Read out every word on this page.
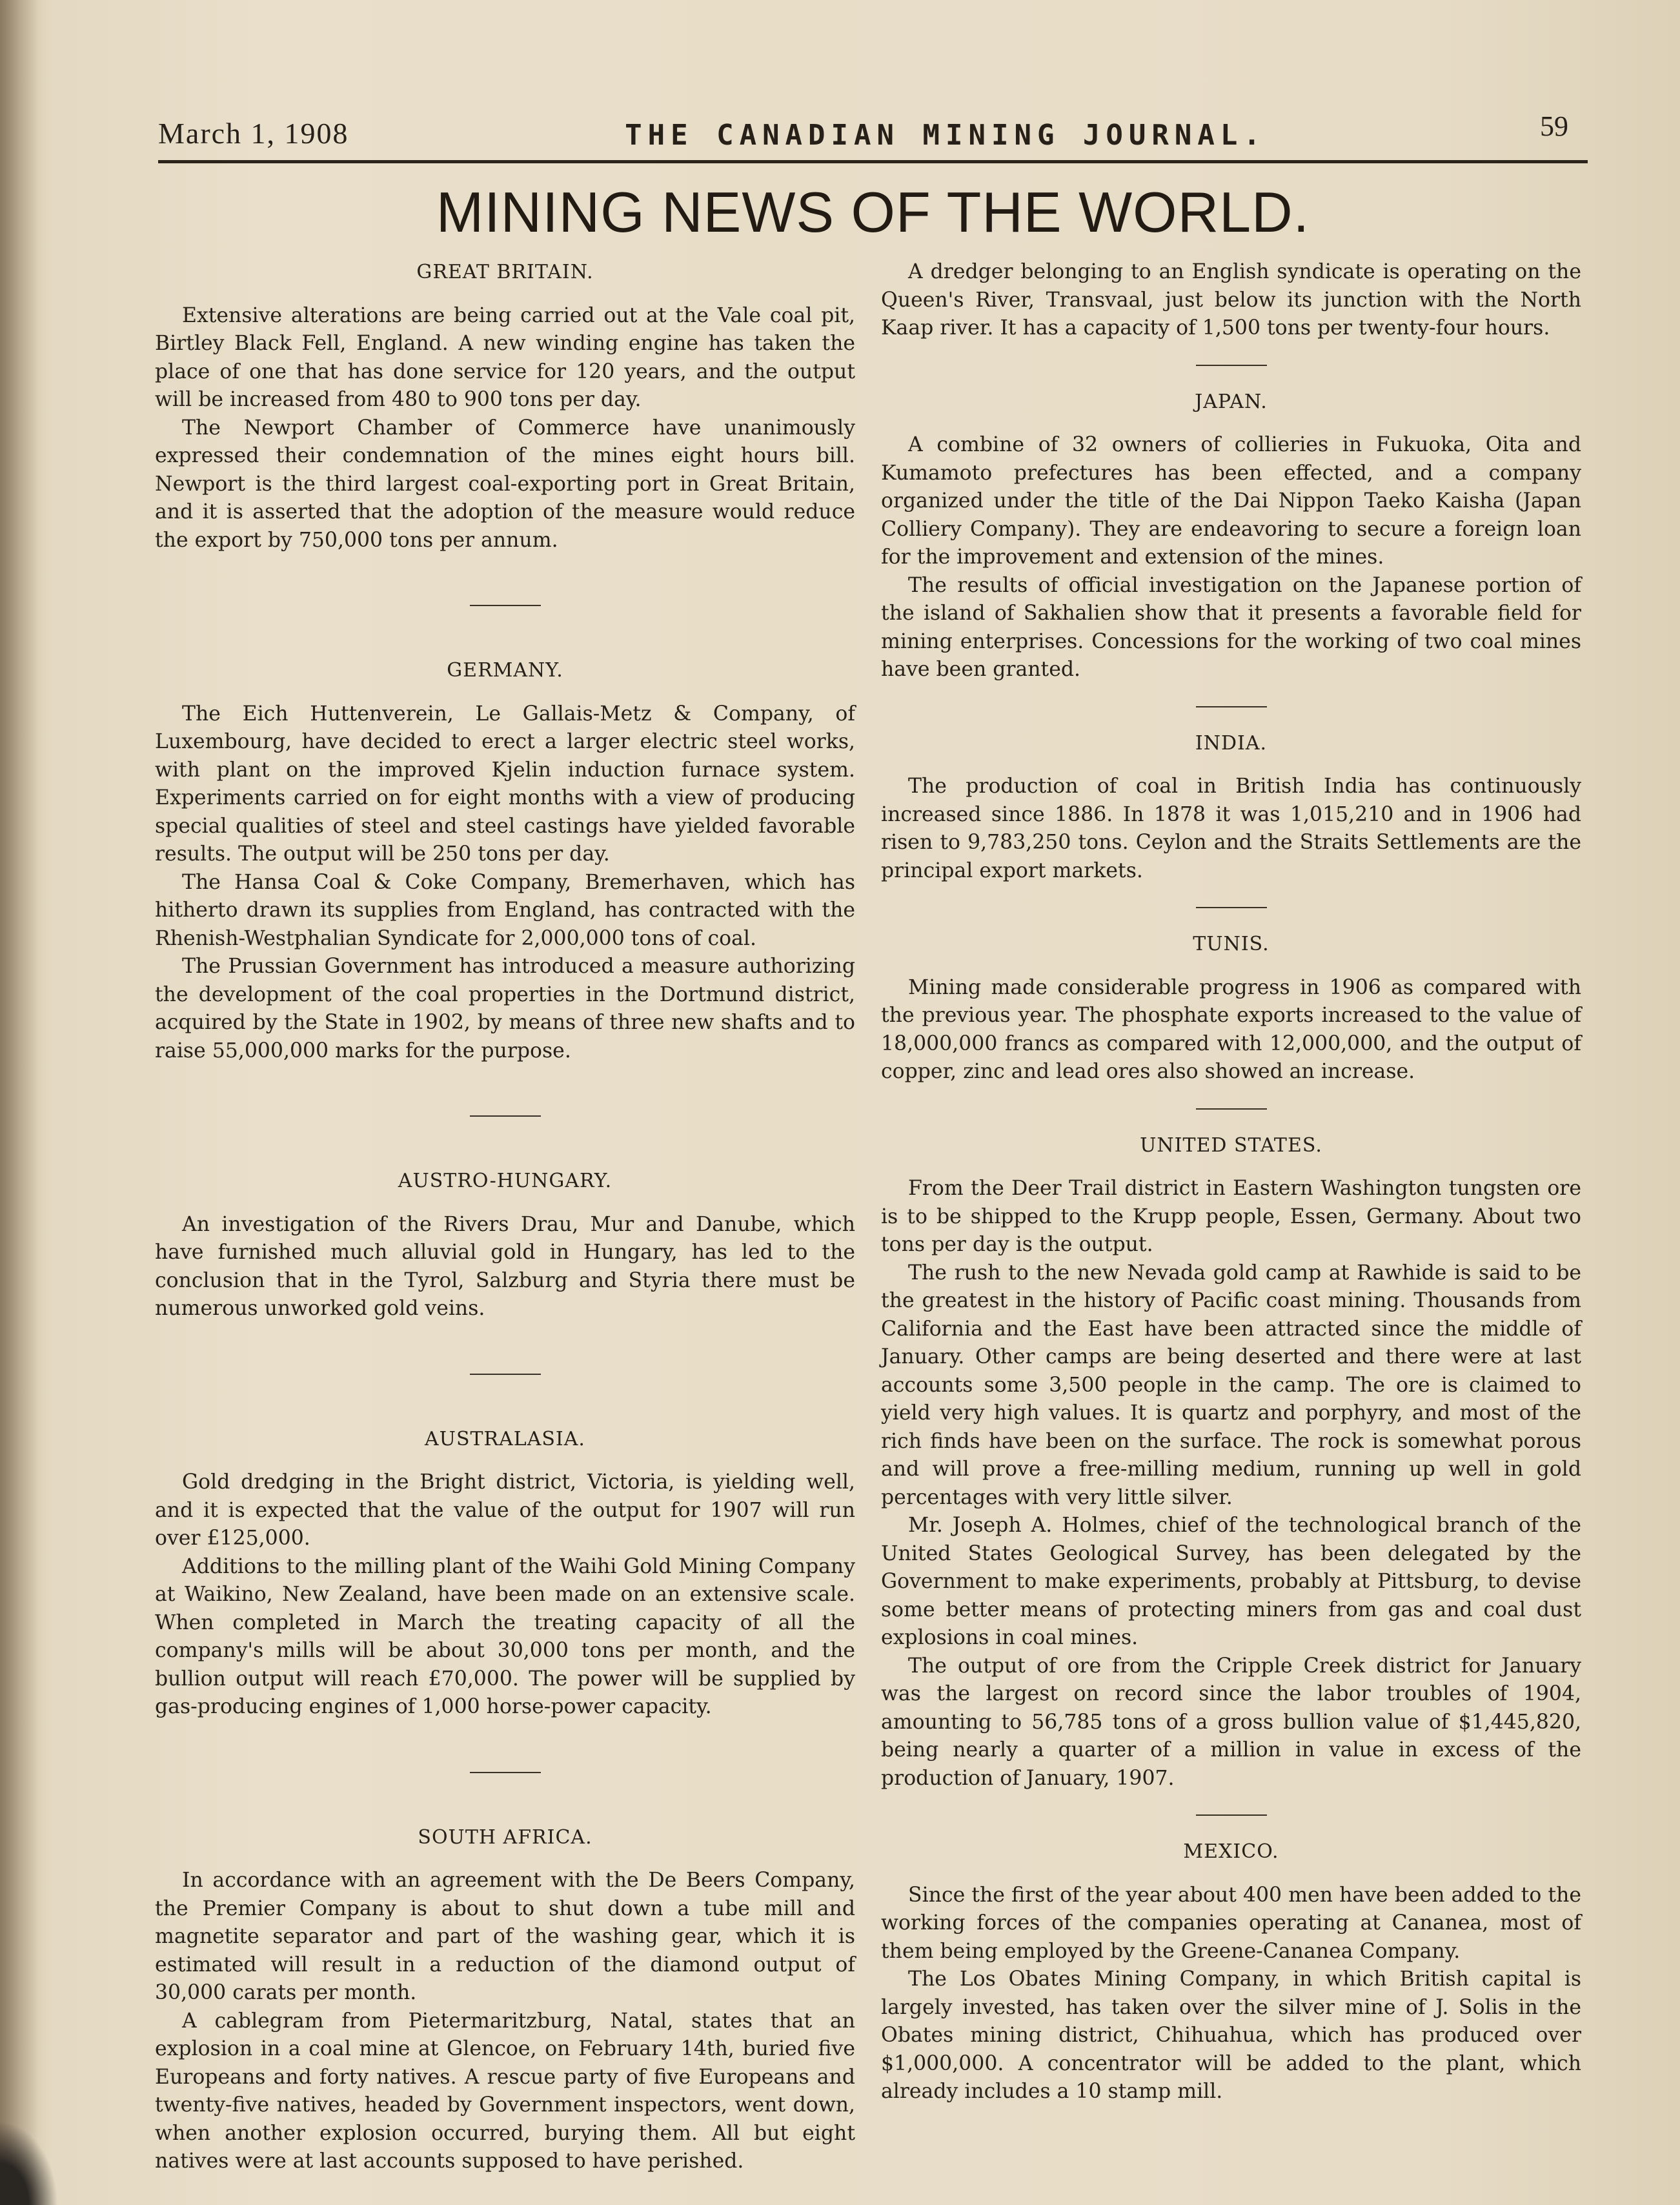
March 1, 1908	THE CANADIAN MINING JOURNAL.	59
MINING NEWS OF THE WORLD.
GREAT BRITAIN.

Extensive alterations are being carried out at the Vale coal pit, Birtley Black Fell, England. A new winding engine has taken the place of one that has done service for 120 years, and the output will be increased from 480 to 900 tons per day.

The Newport Chamber of Commerce have unanimously expressed their condemnation of the mines eight hours bill. Newport is the third largest coal-exporting port in Great Britain, and it is asserted that the adoption of the measure would reduce the export by 750,000 tons per annum.

GERMANY.

The Eich Huttenverein, Le Gallais-Metz & Company, of Luxembourg, have decided to erect a larger electric steel works, with plant on the improved Kjelin induction furnace system. Experiments carried on for eight months with a view of producing special qualities of steel and steel castings have yielded favorable results. The output will be 250 tons per day.

The Hansa Coal & Coke Company, Bremerhaven, which has hitherto drawn its supplies from England, has contracted with the Rhenish-Westphalian Syndicate for 2,000,000 tons of coal.

The Prussian Government has introduced a measure authorizing the development of the coal properties in the Dortmund district, acquired by the State in 1902, by means of three new shafts and to raise 55,000,000 marks for the purpose.

AUSTRO-HUNGARY.

An investigation of the Rivers Drau, Mur and Danube, which have furnished much alluvial gold in Hungary, has led to the conclusion that in the Tyrol, Salzburg and Styria there must be numerous unworked gold veins.

AUSTRALASIA.

Gold dredging in the Bright district, Victoria, is yielding well, and it is expected that the value of the output for 1907 will run over £125,000.

Additions to the milling plant of the Waihi Gold Mining Company at Waikino, New Zealand, have been made on an extensive scale. When completed in March the treating capacity of all the company's mills will be about 30,000 tons per month, and the bullion output will reach £70,000. The power will be supplied by gas-producing engines of 1,000 horse-power capacity.

SOUTH AFRICA.

In accordance with an agreement with the De Beers Company, the Premier Company is about to shut down a tube mill and magnetite separator and part of the washing gear, which it is estimated will result in a reduction of the diamond output of 30,000 carats per month.

A cablegram from Pietermaritzburg, Natal, states that an explosion in a coal mine at Glencoe, on February 14th, buried five Europeans and forty natives. A rescue party of five Europeans and twenty-five natives, headed by Government inspectors, went down, when another explosion occurred, burying them. All but eight natives were at last accounts supposed to have perished.

A dredger belonging to an English syndicate is operating on the Queen's River, Transvaal, just below its junction with the North Kaap river. It has a capacity of 1,500 tons per twenty-four hours.

JAPAN.

A combine of 32 owners of collieries in Fukuoka, Oita and Kumamoto prefectures has been effected, and a company organized under the title of the Dai Nippon Taeko Kaisha (Japan Colliery Company). They are endeavoring to secure a foreign loan for the improvement and extension of the mines.

The results of official investigation on the Japanese portion of the island of Sakhalien show that it presents a favorable field for mining enterprises. Concessions for the working of two coal mines have been granted.

INDIA.

The production of coal in British India has continuously increased since 1886. In 1878 it was 1,015,210 and in 1906 had risen to 9,783,250 tons. Ceylon and the Straits Settlements are the principal export markets.

TUNIS.

Mining made considerable progress in 1906 as compared with the previous year. The phosphate exports increased to the value of 18,000,000 francs as compared with 12,000,000, and the output of copper, zinc and lead ores also showed an increase.

UNITED STATES.

From the Deer Trail district in Eastern Washington tungsten ore is to be shipped to the Krupp people, Essen, Germany. About two tons per day is the output.

The rush to the new Nevada gold camp at Rawhide is said to be the greatest in the history of Pacific coast mining. Thousands from California and the East have been attracted since the middle of January. Other camps are being deserted and there were at last accounts some 3,500 people in the camp. The ore is claimed to yield very high values. It is quartz and porphyry, and most of the rich finds have been on the surface. The rock is somewhat porous and will prove a free-milling medium, running up well in gold percentages with very little silver.

Mr. Joseph A. Holmes, chief of the technological branch of the United States Geological Survey, has been delegated by the Government to make experiments, probably at Pittsburg, to devise some better means of protecting miners from gas and coal dust explosions in coal mines.

The output of ore from the Cripple Creek district for January was the largest on record since the labor troubles of 1904, amounting to 56,785 tons of a gross bullion value of $1,445,820, being nearly a quarter of a million in value in excess of the production of January, 1907.

MEXICO.

Since the first of the year about 400 men have been added to the working forces of the companies operating at Cananea, most of them being employed by the Greene-Cananea Company.

The Los Obates Mining Company, in which British capital is largely invested, has taken over the silver mine of J. Solis in the Obates mining district, Chihuahua, which has produced over $1,000,000. A concentrator will be added to the plant, which already includes a 10 stamp mill.
